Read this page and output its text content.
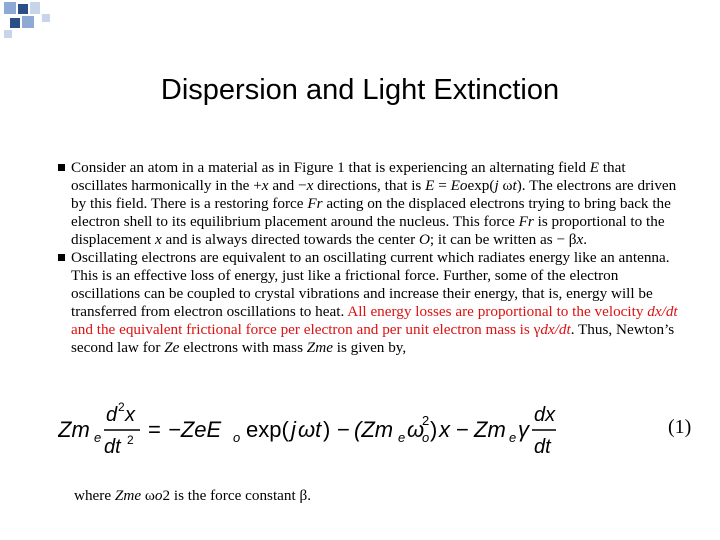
Dispersion and Light Extinction
Consider an atom in a material as in Figure 1 that is experiencing an alternating field E that oscillates harmonically in the +x and −x directions, that is E = Eoexp(j ωt). The electrons are driven by this field. There is a restoring force Fr acting on the displaced electrons trying to bring back the electron shell to its equilibrium placement around the nucleus. This force Fr is proportional to the displacement x and is always directed towards the center O; it can be written as − βx.
Oscillating electrons are equivalent to an oscillating current which radiates energy like an antenna. This is an effective loss of energy, just like a frictional force. Further, some of the electron oscillations can be coupled to crystal vibrations and increase their energy, that is, energy will be transferred from electron oscillations to heat. All energy losses are proportional to the velocity dx/dt and the equivalent frictional force per electron and per unit electron mass is γdx/dt. Thus, Newton’s second law for Ze electrons with mass Zme is given by,
Zm e
d 2 x
dt 2 = −ZeE o exp( j ωt ) − (Zm e ω
o
2 ) x − Zm e γ
dx
dt
(1)
where Zme ωo2 is the force constant β.
